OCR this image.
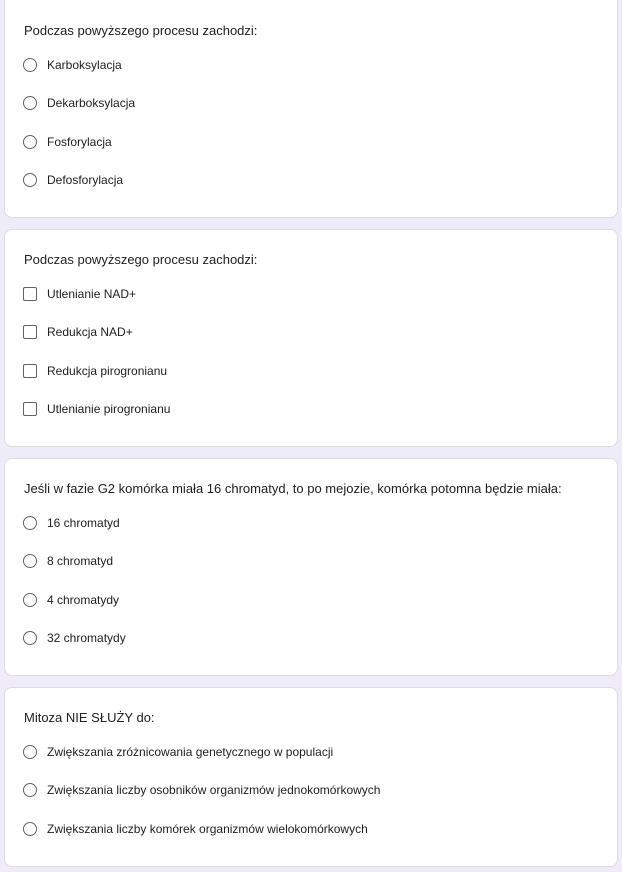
Podczas powyższego procesu zachodzi:
Karboksylacja
Dekarboksylacja
Fosforylacja
Defosforylacja
Podczas powyższego procesu zachodzi:
Utlenianie NAD+
Redukcja NAD+
Redukcja pirogronianu
Utlenianie pirogronianu
Jeśli w fazie G2 komórka miała 16 chromatyd, to po mejozie, komórka potomna będzie miała:
16 chromatyd
8 chromatyd
4 chromatydy
32 chromatydy
Mitoza NIE SŁUŻY do:
Zwiększania zróżnicowania genetycznego w populacji
Zwiększania liczby osobników organizmów jednokomórkowych
Zwiększania liczby komórek organizmów wielokomórkowych
